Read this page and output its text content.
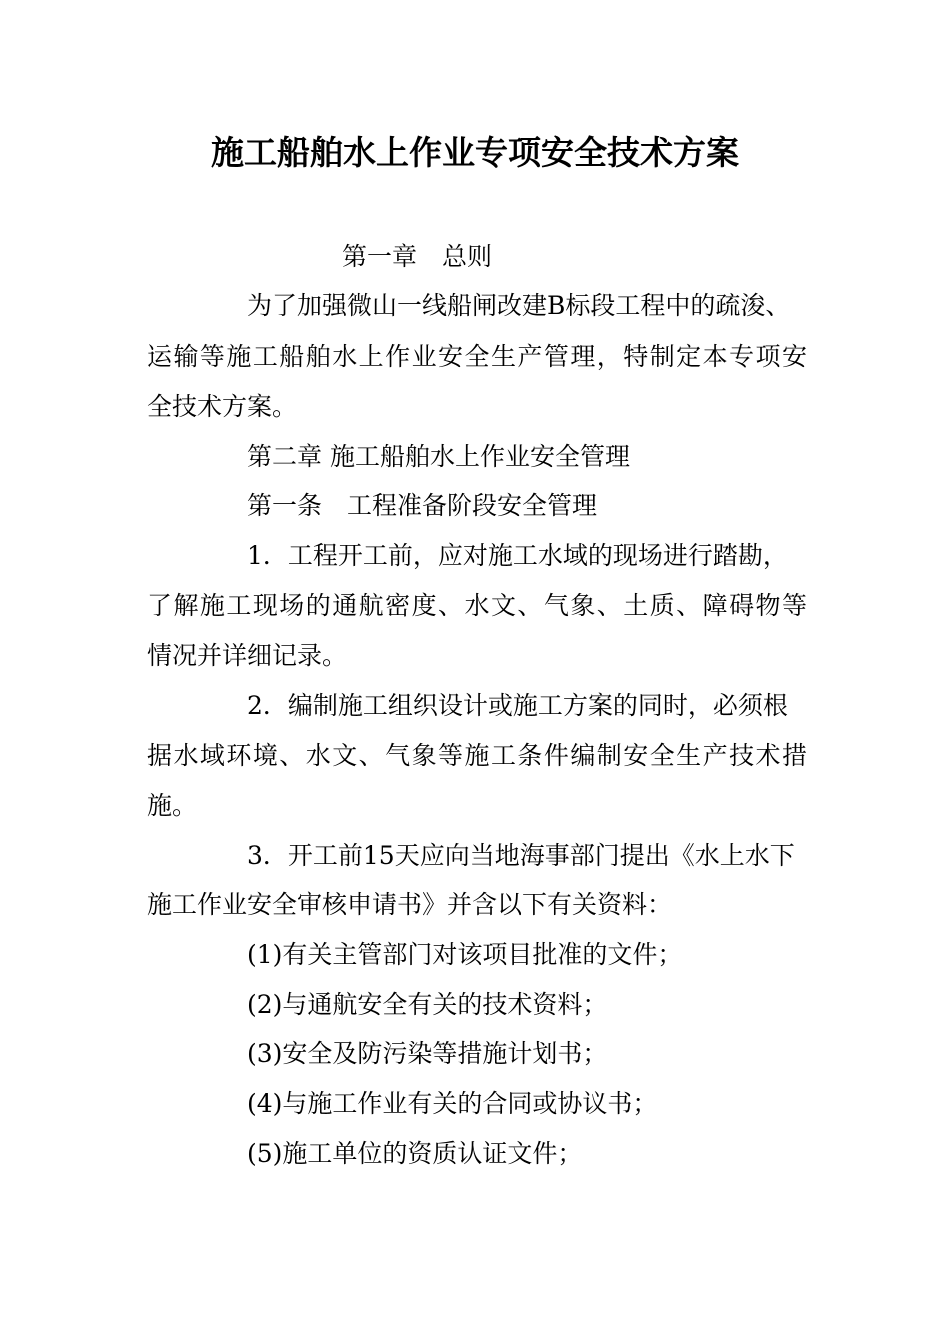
施工船舶水上作业专项安全技术方案
第一章　总则
为了加强微山一线船闸改建B标段工程中的疏浚、
运输等施工船舶水上作业安全生产管理，特制定本专项安
全技术方案。
第二章 施工船舶水上作业安全管理
第一条　工程准备阶段安全管理
1．工程开工前，应对施工水域的现场进行踏勘，
了解施工现场的通航密度、水文、气象、土质、障碍物等
情况并详细记录。
2．编制施工组织设计或施工方案的同时，必须根
据水域环境、水文、气象等施工条件编制安全生产技术措
施。
3．开工前15天应向当地海事部门提出《水上水下
施工作业安全审核申请书》并含以下有关资料：
(1)有关主管部门对该项目批准的文件；
(2)与通航安全有关的技术资料；
(3)安全及防污染等措施计划书；
(4)与施工作业有关的合同或协议书；
(5)施工单位的资质认证文件；
